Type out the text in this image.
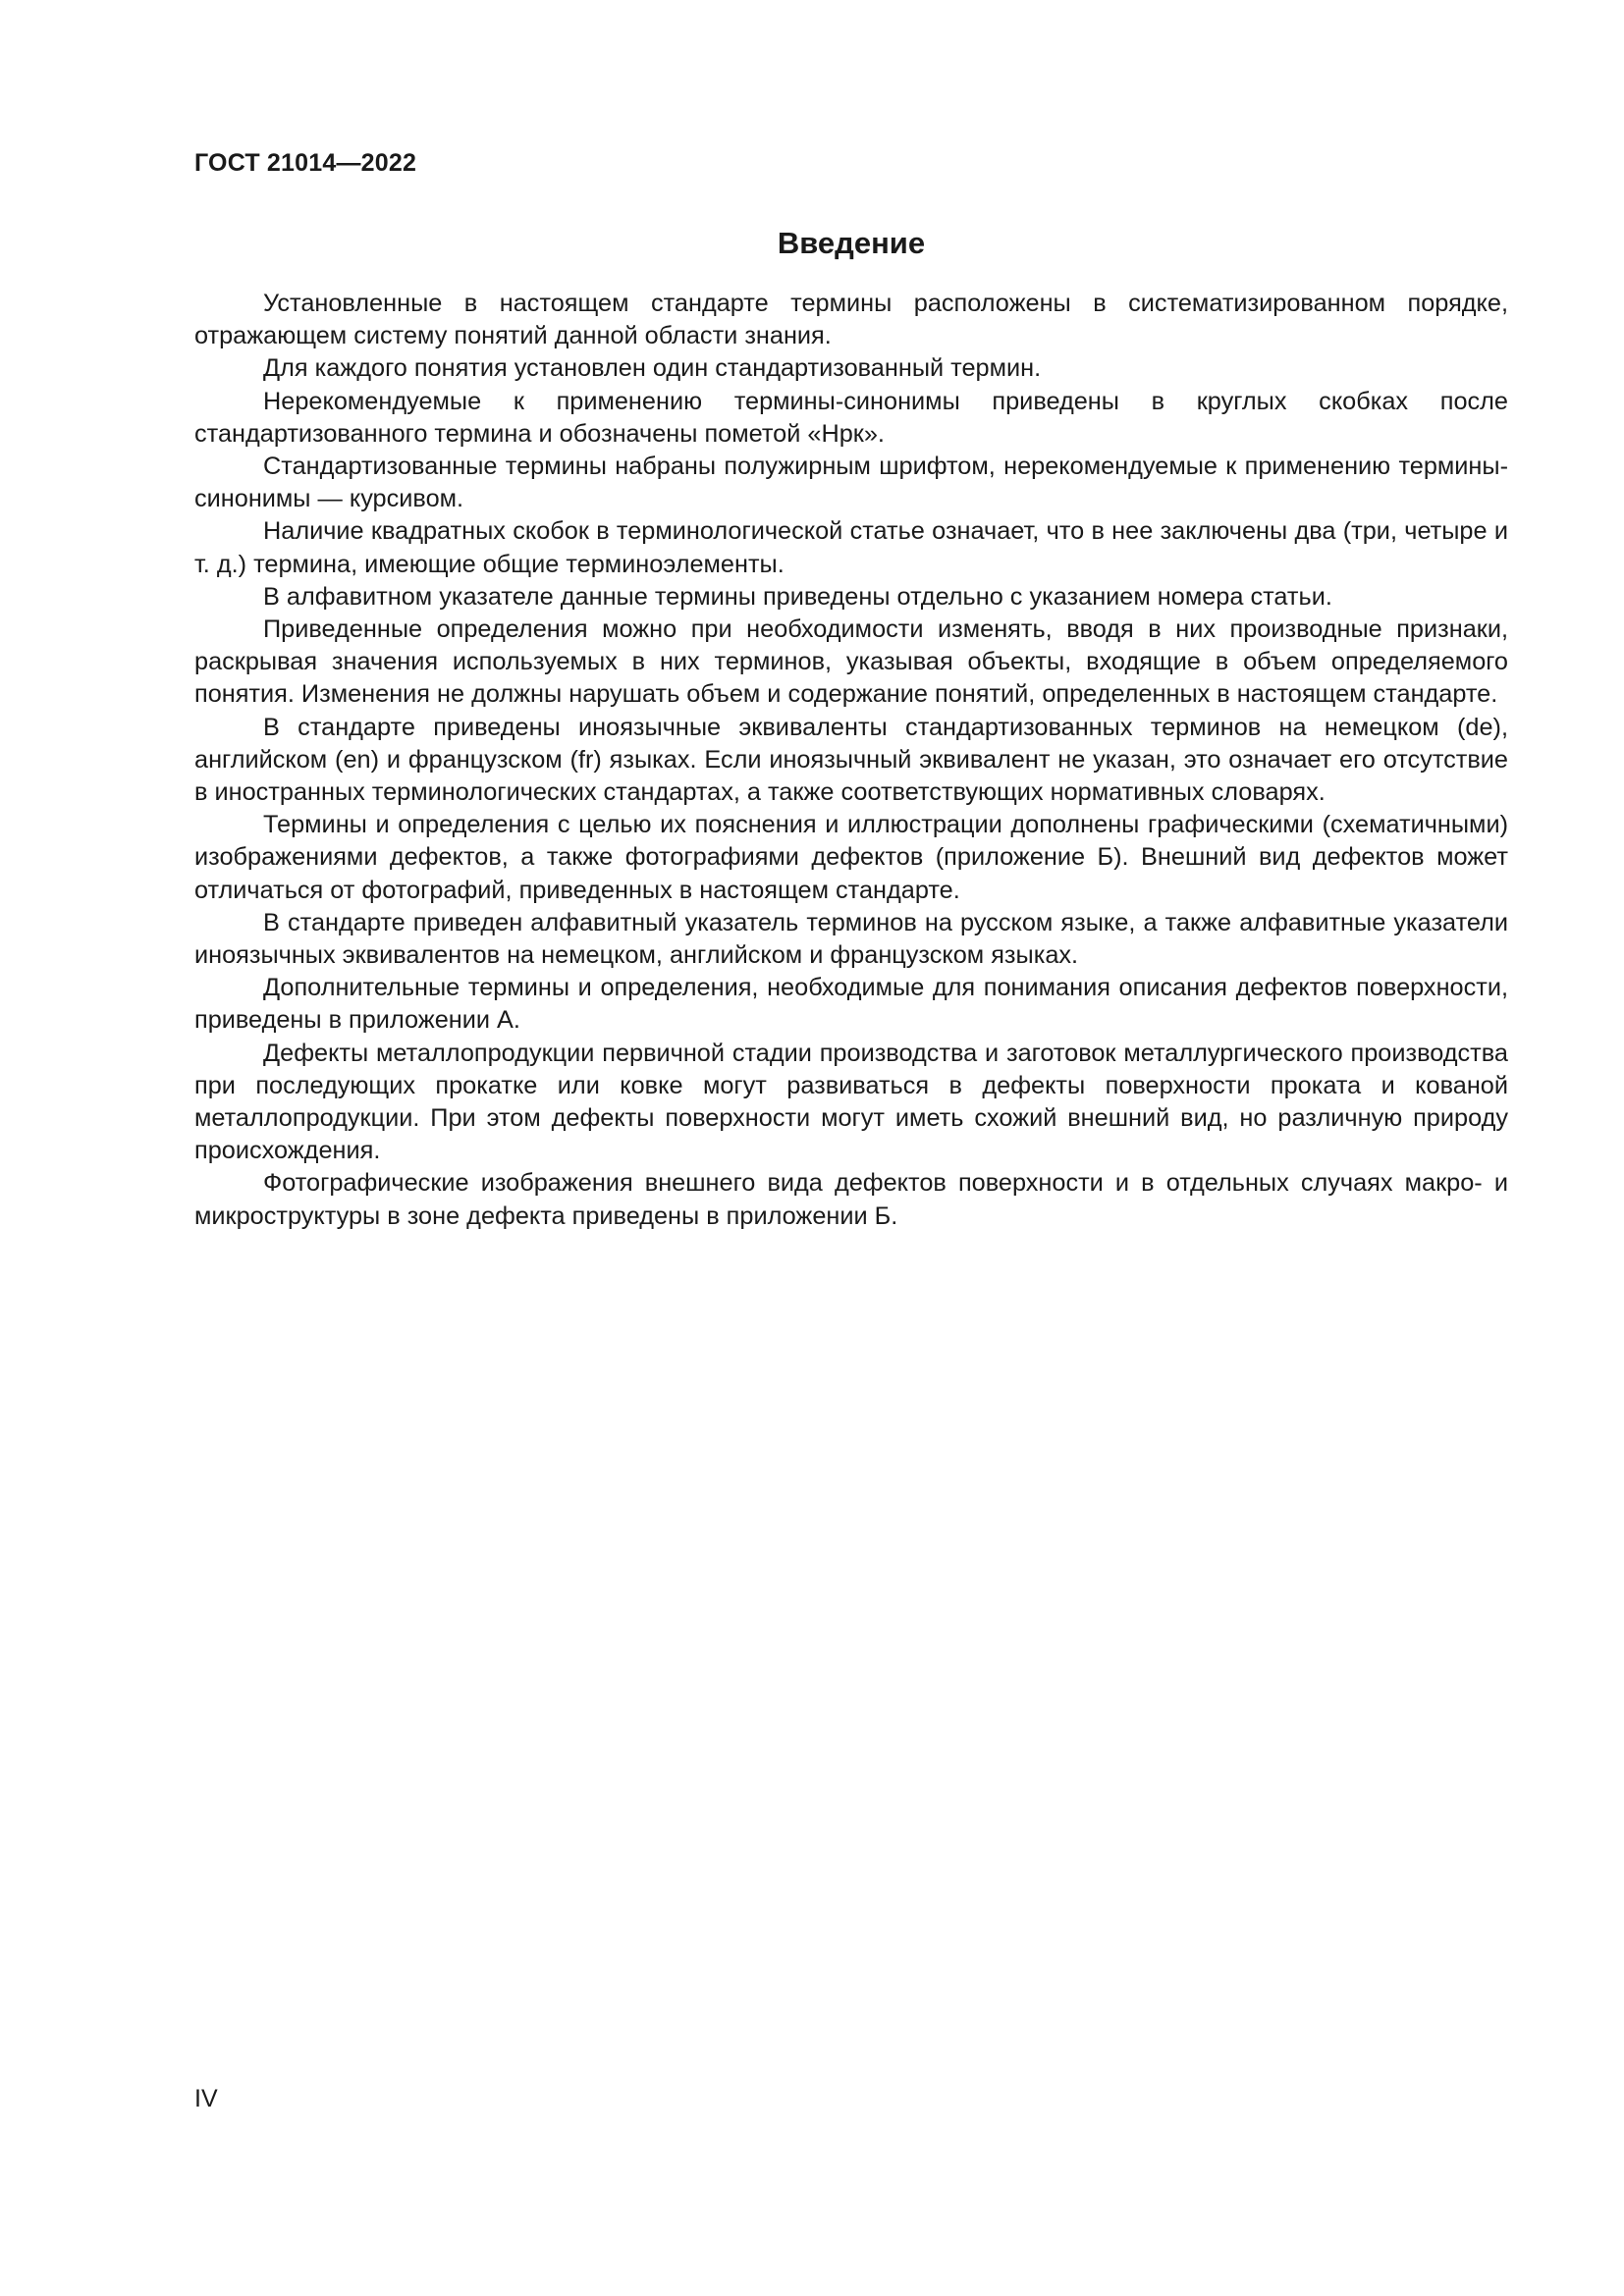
ГОСТ 21014—2022
Введение

Установленные в настоящем стандарте термины расположены в систематизированном порядке, отражающем систему понятий данной области знания.

Для каждого понятия установлен один стандартизованный термин.

Нерекомендуемые к применению термины-синонимы приведены в круглых скобках после стандартизованного термина и обозначены пометой «Нрк».

Стандартизованные термины набраны полужирным шрифтом, нерекомендуемые к применению термины-синонимы — курсивом.

Наличие квадратных скобок в терминологической статье означает, что в нее заключены два (три, четыре и т. д.) термина, имеющие общие терминоэлементы.

В алфавитном указателе данные термины приведены отдельно с указанием номера статьи.

Приведенные определения можно при необходимости изменять, вводя в них производные признаки, раскрывая значения используемых в них терминов, указывая объекты, входящие в объем определяемого понятия. Изменения не должны нарушать объем и содержание понятий, определенных в настоящем стандарте.

В стандарте приведены иноязычные эквиваленты стандартизованных терминов на немецком (de), английском (en) и французском (fr) языках. Если иноязычный эквивалент не указан, это означает его отсутствие в иностранных терминологических стандартах, а также соответствующих нормативных словарях.

Термины и определения с целью их пояснения и иллюстрации дополнены графическими (схематичными) изображениями дефектов, а также фотографиями дефектов (приложение Б). Внешний вид дефектов может отличаться от фотографий, приведенных в настоящем стандарте.

В стандарте приведен алфавитный указатель терминов на русском языке, а также алфавитные указатели иноязычных эквивалентов на немецком, английском и французском языках.

Дополнительные термины и определения, необходимые для понимания описания дефектов поверхности, приведены в приложении А.

Дефекты металлопродукции первичной стадии производства и заготовок металлургического производства при последующих прокатке или ковке могут развиваться в дефекты поверхности проката и кованой металлопродукции. При этом дефекты поверхности могут иметь схожий внешний вид, но различную природу происхождения.

Фотографические изображения внешнего вида дефектов поверхности и в отдельных случаях макро- и микроструктуры в зоне дефекта приведены в приложении Б.

IV
